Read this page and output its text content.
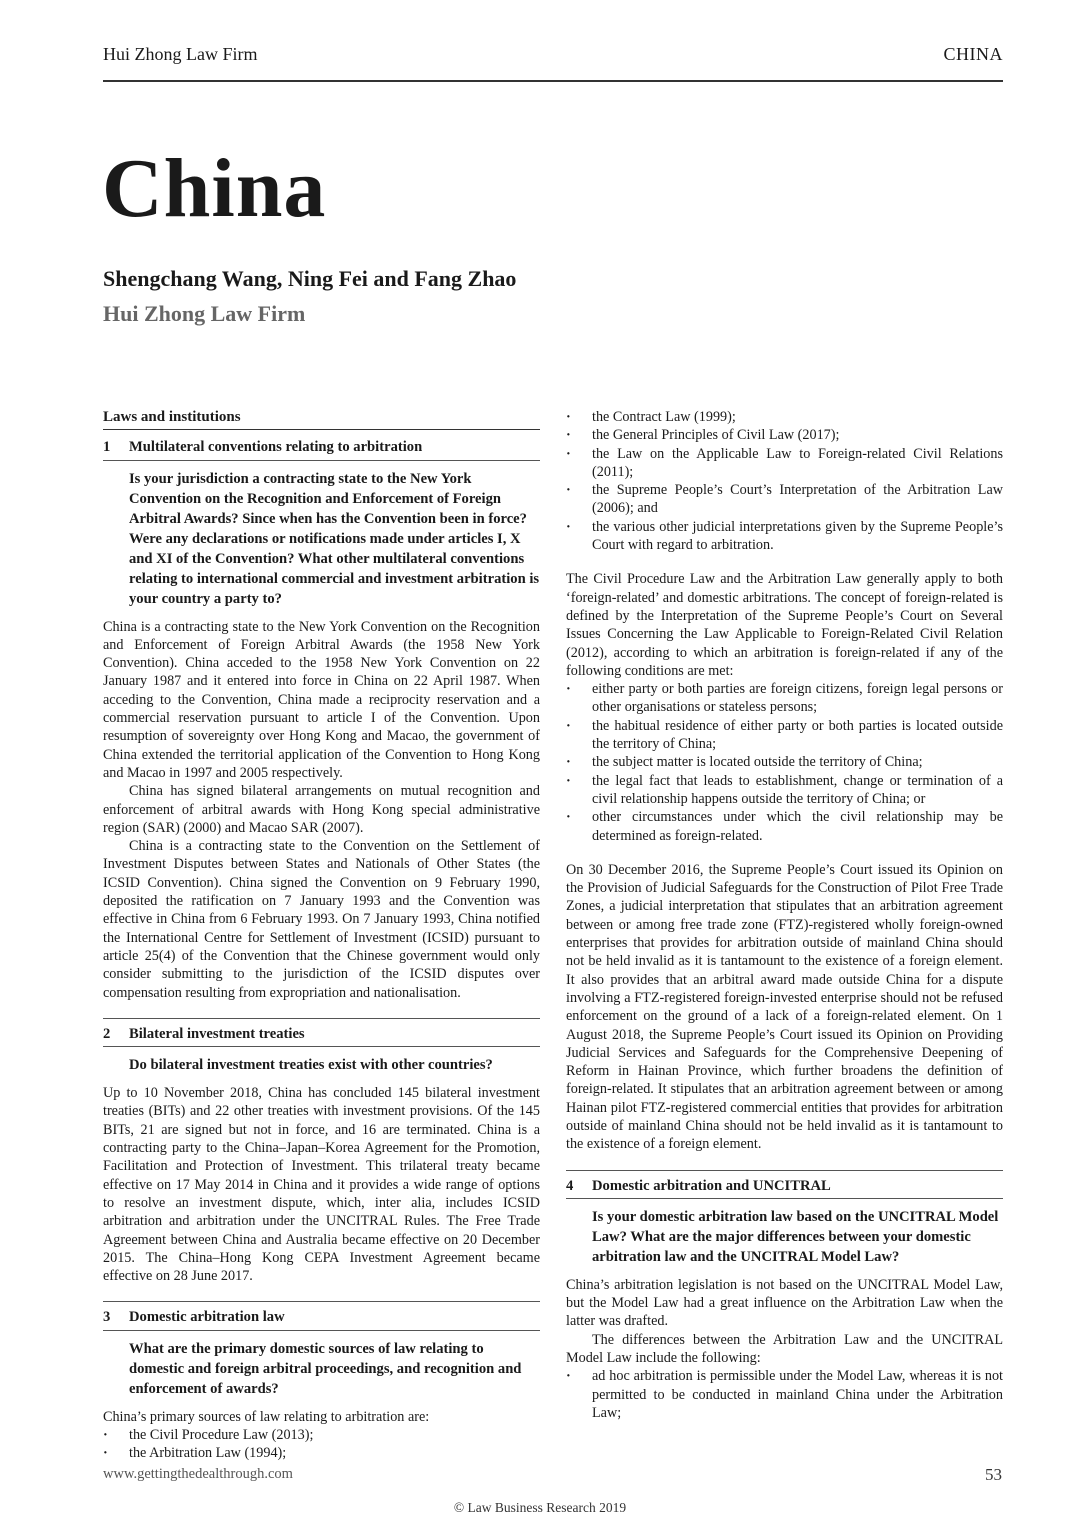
Hui Zhong Law Firm	CHINA
China
Shengchang Wang, Ning Fei and Fang Zhao
Hui Zhong Law Firm
Laws and institutions
1	Multilateral conventions relating to arbitration
Is your jurisdiction a contracting state to the New York Convention on the Recognition and Enforcement of Foreign Arbitral Awards? Since when has the Convention been in force? Were any declarations or notifications made under articles I, X and XI of the Convention? What other multilateral conventions relating to international commercial and investment arbitration is your country a party to?

China is a contracting state to the New York Convention on the Recognition and Enforcement of Foreign Arbitral Awards (the 1958 New York Convention). China acceded to the 1958 New York Convention on 22 January 1987 and it entered into force in China on 22 April 1987. When acceding to the Convention, China made a reciprocity reservation and a commercial reservation pursuant to article I of the Convention. Upon resumption of sovereignty over Hong Kong and Macao, the government of China extended the territorial application of the Convention to Hong Kong and Macao in 1997 and 2005 respectively.

China has signed bilateral arrangements on mutual recognition and enforcement of arbitral awards with Hong Kong special administrative region (SAR) (2000) and Macao SAR (2007).

China is a contracting state to the Convention on the Settlement of Investment Disputes between States and Nationals of Other States (the ICSID Convention). China signed the Convention on 9 February 1990, deposited the ratification on 7 January 1993 and the Convention was effective in China from 6 February 1993. On 7 January 1993, China notified the International Centre for Settlement of Investment (ICSID) pursuant to article 25(4) of the Convention that the Chinese government would only consider submitting to the jurisdiction of the ICSID disputes over compensation resulting from expropriation and nationalisation.

2	Bilateral investment treaties
Do bilateral investment treaties exist with other countries?

Up to 10 November 2018, China has concluded 145 bilateral investment treaties (BITs) and 22 other treaties with investment provisions. Of the 145 BITs, 21 are signed but not in force, and 16 are terminated. China is a contracting party to the China–Japan–Korea Agreement for the Promotion, Facilitation and Protection of Investment. This trilateral treaty became effective on 17 May 2014 in China and it provides a wide range of options to resolve an investment dispute, which, inter alia, includes ICSID arbitration and arbitration under the UNCITRAL Rules. The Free Trade Agreement between China and Australia became effective on 20 December 2015. The China–Hong Kong CEPA Investment Agreement became effective on 28 June 2017.

3	Domestic arbitration law
What are the primary domestic sources of law relating to domestic and foreign arbitral proceedings, and recognition and enforcement of awards?

China’s primary sources of law relating to arbitration are:

· the Civil Procedure Law (2013);
· the Arbitration Law (1994);
· the Contract Law (1999);
· the General Principles of Civil Law (2017);
· the Law on the Applicable Law to Foreign-related Civil Relations (2011);
· the Supreme People’s Court’s Interpretation of the Arbitration Law (2006); and
· the various other judicial interpretations given by the Supreme People’s Court with regard to arbitration.

The Civil Procedure Law and the Arbitration Law generally apply to both ‘foreign-related’ and domestic arbitrations. The concept of foreign-related is defined by the Interpretation of the Supreme People’s Court on Several Issues Concerning the Law Applicable to Foreign-Related Civil Relation (2012), according to which an arbitration is foreign-related if any of the following conditions are met:

· either party or both parties are foreign citizens, foreign legal persons or other organisations or stateless persons;
· the habitual residence of either party or both parties is located outside the territory of China;
· the subject matter is located outside the territory of China;
· the legal fact that leads to establishment, change or termination of a civil relationship happens outside the territory of China; or
· other circumstances under which the civil relationship may be determined as foreign-related.

On 30 December 2016, the Supreme People’s Court issued its Opinion on the Provision of Judicial Safeguards for the Construction of Pilot Free Trade Zones, a judicial interpretation that stipulates that an arbitration agreement between or among free trade zone (FTZ)-registered wholly foreign-owned enterprises that provides for arbitration outside of mainland China should not be held invalid as it is tantamount to the existence of a foreign element. It also provides that an arbitral award made outside China for a dispute involving a FTZ-registered foreign-invested enterprise should not be refused enforcement on the ground of a lack of a foreign-related element. On 1 August 2018, the Supreme People’s Court issued its Opinion on Providing Judicial Services and Safeguards for the Comprehensive Deepening of Reform in Hainan Province, which further broadens the definition of foreign-related. It stipulates that an arbitration agreement between or among Hainan pilot FTZ-registered commercial entities that provides for arbitration outside of mainland China should not be held invalid as it is tantamount to the existence of a foreign element.

4	Domestic arbitration and UNCITRAL
Is your domestic arbitration law based on the UNCITRAL Model Law? What are the major differences between your domestic arbitration law and the UNCITRAL Model Law?

China’s arbitration legislation is not based on the UNCITRAL Model Law, but the Model Law had a great influence on the Arbitration Law when the latter was drafted.

The differences between the Arbitration Law and the UNCITRAL Model Law include the following:

· ad hoc arbitration is permissible under the Model Law, whereas it is not permitted to be conducted in mainland China under the Arbitration Law;
www.gettingthedealthrough.com	53
© Law Business Research 2019
